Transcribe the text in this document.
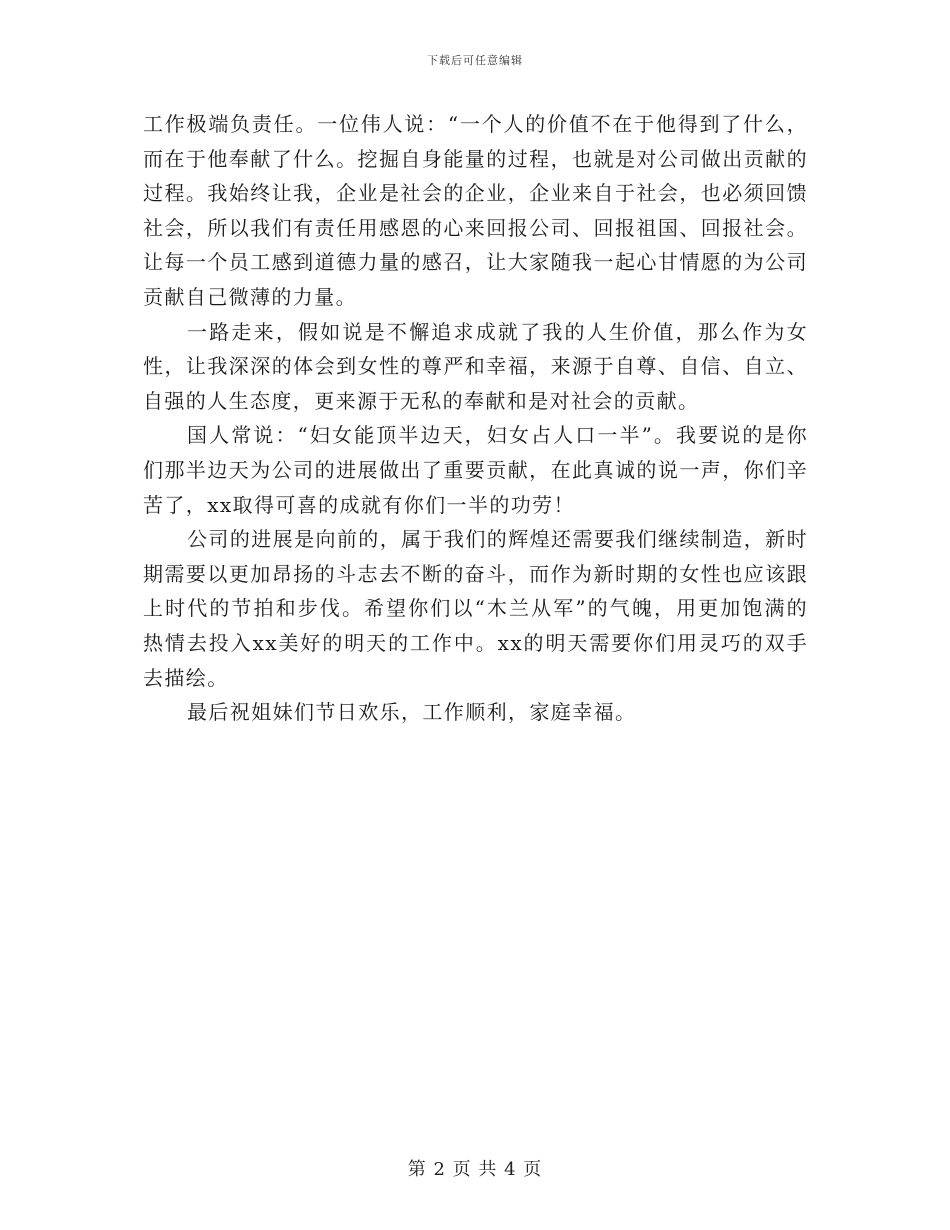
下载后可任意编辑

工作极端负责任。一位伟人说：“一个人的价值不在于他得到了什么，而在于他奉献了什么。挖掘自身能量的过程，也就是对公司做出贡献的过程。我始终让我，企业是社会的企业，企业来自于社会，也必须回馈社会，所以我们有责任用感恩的心来回报公司、回报祖国、回报社会。让每一个员工感到道德力量的感召，让大家随我一起心甘情愿的为公司贡献自己微薄的力量。

一路走来，假如说是不懈追求成就了我的人生价值，那么作为女性，让我深深的体会到女性的尊严和幸福，来源于自尊、自信、自立、自强的人生态度，更来源于无私的奉献和是对社会的贡献。

国人常说：“妇女能顶半边天，妇女占人口一半”。我要说的是你们那半边天为公司的进展做出了重要贡献，在此真诚的说一声，你们辛苦了，xx取得可喜的成就有你们一半的功劳！

公司的进展是向前的，属于我们的辉煌还需要我们继续制造，新时期需要以更加昂扬的斗志去不断的奋斗，而作为新时期的女性也应该跟上时代的节拍和步伐。希望你们以“木兰从军”的气魄，用更加饱满的热情去投入xx美好的明天的工作中。xx的明天需要你们用灵巧的双手去描绘。

最后祝姐妹们节日欢乐，工作顺利，家庭幸福。

第 2 页 共 4 页
